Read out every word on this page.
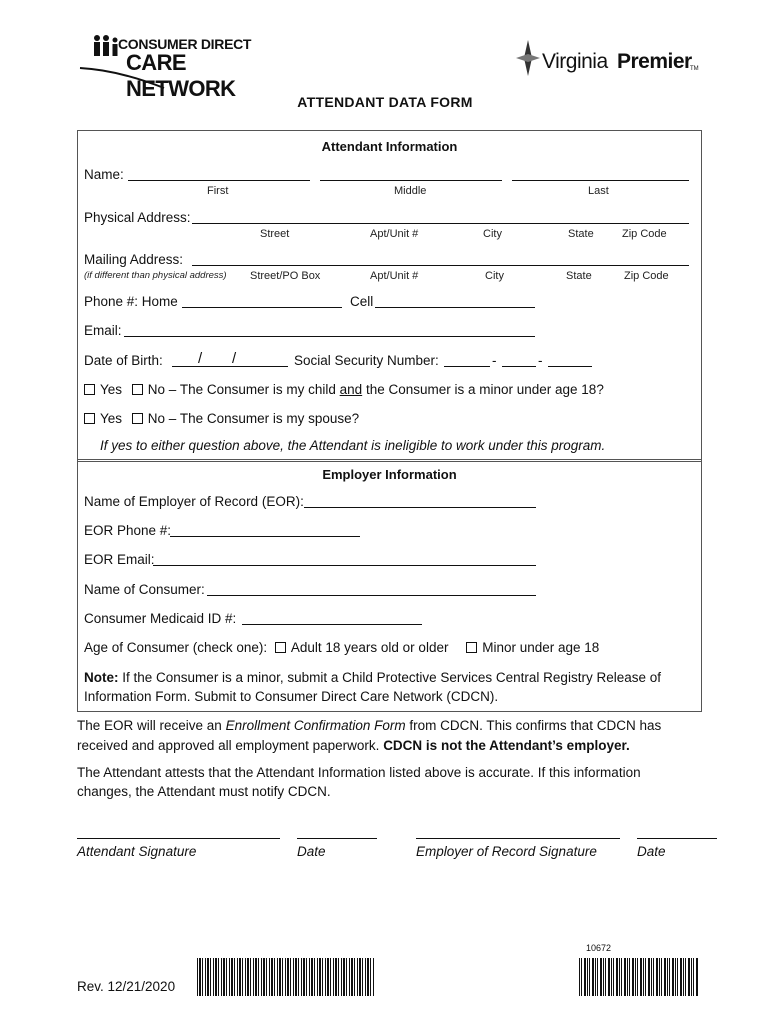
CONSUMER DIRECT
CARE NETWORK
Virginia Premier
TM
ATTENDANT DATA FORM
Attendant Information
Name:
First	Middle	Last
Physical Address:
Street	Apt/Unit #	City	State	Zip Code
Mailing Address:
(if different than physical address) Street/PO Box	Apt/Unit #	City	State	Zip Code
Phone #: Home	Cell
Email:
Date of Birth: / /	Social Security Number:	-	-
Yes No – The Consumer is my child and the Consumer is a minor under age 18?
Yes No – The Consumer is my spouse?
If yes to either question above, the Attendant is ineligible to work under this program.
Employer Information
Name of Employer of Record (EOR):
EOR Phone #:
EOR Email:
Name of Consumer:
Consumer Medicaid ID #:
Age of Consumer (check one): Adult 18 years old or older	Minor under age 18
Note: If the Consumer is a minor, submit a Child Protective Services Central Registry Release of
Information Form. Submit to Consumer Direct Care Network (CDCN).
The EOR will receive an Enrollment Confirmation Form from CDCN. This confirms that CDCN has
received and approved all employment paperwork. CDCN is not the Attendant’s employer.
The Attendant attests that the Attendant Information listed above is accurate. If this information
changes, the Attendant must notify CDCN.
Attendant Signature	Date	Employer of Record Signature	Date
Rev. 12/21/2020
10672
